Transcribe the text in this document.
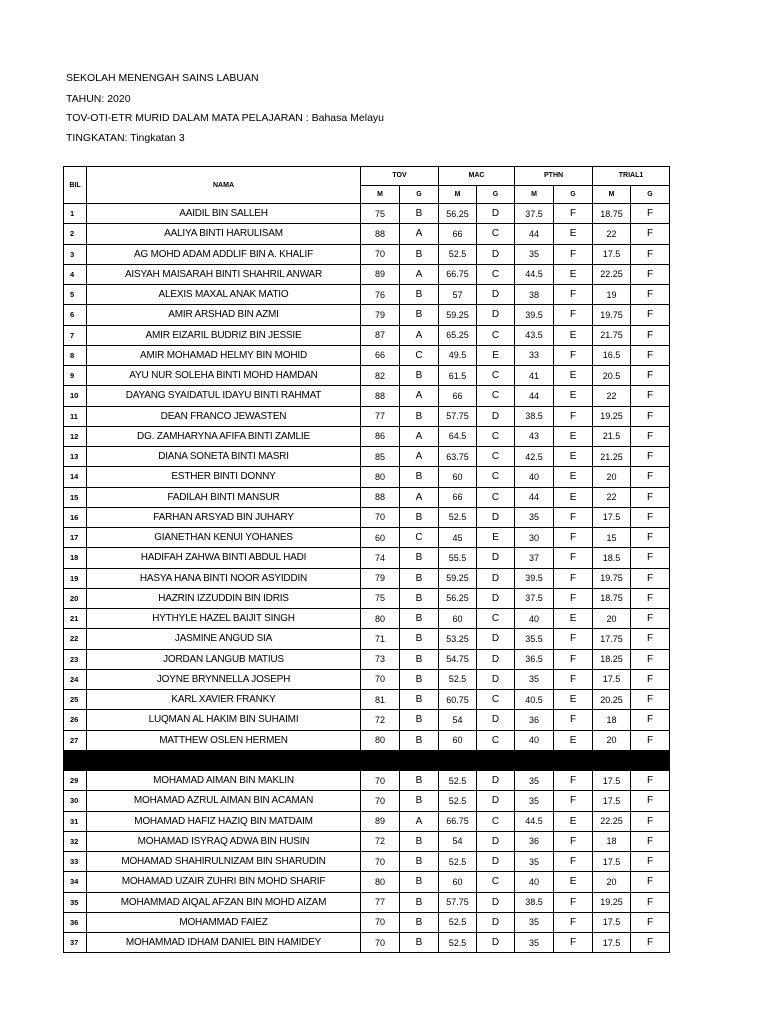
SEKOLAH MENENGAH SAINS LABUAN
TAHUN: 2020
TOV-OTI-ETR MURID DALAM MATA PELAJARAN : Bahasa Melayu
TINGKATAN: Tingkatan 3
BIL	NAMA	TOV		MAC		PTHN		TRIAL1	
		M	G	M	G	M	G	M	G
1	AAIDIL BIN SALLEH	75	B	56.25	D	37.5	F	18.75	F
2	AALIYA BINTI HARULISAM	88	A	66	C	44	E	22	F
3	AG MOHD ADAM ADDLIF BIN A. KHALIF	70	B	52.5	D	35	F	17.5	F
4	AISYAH MAISARAH BINTI SHAHRIL ANWAR	89	A	66.75	C	44.5	E	22.25	F
5	ALEXIS MAXAL ANAK MATIO	76	B	57	D	38	F	19	F
6	AMIR ARSHAD BIN AZMI	79	B	59.25	D	39.5	F	19.75	F
7	AMIR EIZARIL BUDRIZ BIN JESSIE	87	A	65.25	C	43.5	E	21.75	F
8	AMIR MOHAMAD HELMY BIN MOHID	66	C	49.5	E	33	F	16.5	F
9	AYU NUR SOLEHA BINTI MOHD HAMDAN	82	B	61.5	C	41	E	20.5	F
10	DAYANG SYAIDATUL IDAYU BINTI RAHMAT	88	A	66	C	44	E	22	F
11	DEAN FRANCO JEWASTEN	77	B	57.75	D	38.5	F	19.25	F
12	DG. ZAMHARYNA AFIFA BINTI ZAMLIE	86	A	64.5	C	43	E	21.5	F
13	DIANA SONETA BINTI MASRI	85	A	63.75	C	42.5	E	21.25	F
14	ESTHER BINTI DONNY	80	B	60	C	40	E	20	F
15	FADILAH BINTI MANSUR	88	A	66	C	44	E	22	F
16	FARHAN ARSYAD BIN JUHARY	70	B	52.5	D	35	F	17.5	F
17	GIANETHAN KENUI YOHANES	60	C	45	E	30	F	15	F
18	HADIFAH ZAHWA BINTI ABDUL HADI	74	B	55.5	D	37	F	18.5	F
19	HASYA HANA BINTI NOOR ASYIDDIN	79	B	59.25	D	39.5	F	19.75	F
20	HAZRIN IZZUDDIN BIN IDRIS	75	B	56.25	D	37.5	F	18.75	F
21	HYTHYLE HAZEL BAIJIT SINGH	80	B	60	C	40	E	20	F
22	JASMINE ANGUD SIA	71	B	53.25	D	35.5	F	17.75	F
23	JORDAN LANGUB MATIUS	73	B	54.75	D	36.5	F	18.25	F
24	JOYNE BRYNNELLA JOSEPH	70	B	52.5	D	35	F	17.5	F
25	KARL XAVIER FRANKY	81	B	60.75	C	40.5	E	20.25	F
26	LUQMAN AL HAKIM BIN SUHAIMI	72	B	54	D	36	F	18	F
27	MATTHEW OSLEN HERMEN	80	B	60	C	40	E	20	F

29	MOHAMAD AIMAN BIN MAKLIN	70	B	52.5	D	35	F	17.5	F
30	MOHAMAD AZRUL AIMAN BIN ACAMAN	70	B	52.5	D	35	F	17.5	F
31	MOHAMAD HAFIZ HAZIQ BIN MATDAIM	89	A	66.75	C	44.5	E	22.25	F
32	MOHAMAD ISYRAQ ADWA BIN HUSIN	72	B	54	D	36	F	18	F
33	MOHAMAD SHAHIRULNIZAM BIN SHARUDIN	70	B	52.5	D	35	F	17.5	F
34	MOHAMAD UZAIR ZUHRI BIN MOHD SHARIF	80	B	60	C	40	E	20	F
35	MOHAMMAD AIQAL AFZAN BIN MOHD AIZAM	77	B	57.75	D	38.5	F	19.25	F
36	MOHAMMAD FAIEZ	70	B	52.5	D	35	F	17.5	F
37	MOHAMMAD IDHAM DANIEL BIN HAMIDEY	70	B	52.5	D	35	F	17.5	F
